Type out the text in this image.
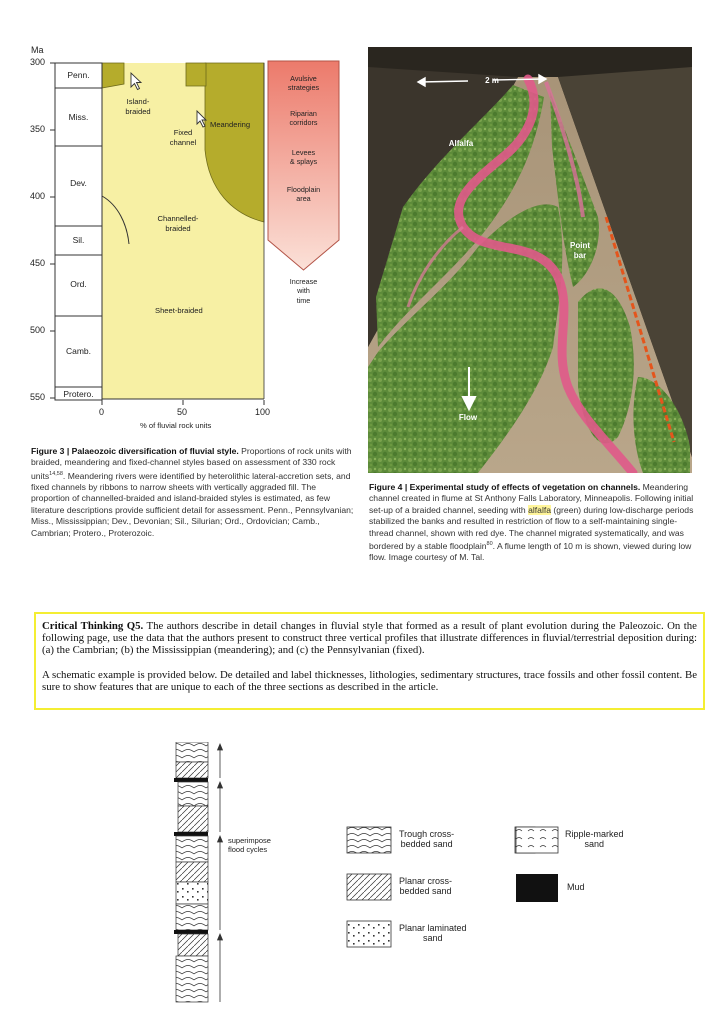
Ma
300
350
400
450
500
550
0	50	100
% of fluvial rock units
Penn.
Miss.
Dev.
Sil.
Ord.
Camb.
Protero.
Island-
braided
Fixed
channel
Meandering
Channelled-
braided
Sheet-braided
Avulsive
strategies
Riparian
corridors
Levees
& splays
Floodplain
area
Increase
with
time
Figure 3 | Palaeozoic diversification of fluvial style. Proportions of rock units with braided, meandering and fixed-channel styles based on assessment of 330 rock units$^{14,58}$. Meandering rivers were identified by heterolithic lateral-accretion sets, and fixed channels by ribbons to narrow sheets with vertically aggraded fill. The proportion of channelled-braided and island-braided styles is estimated, as few literature descriptions provide sufficient detail for assessment. Penn., Pennsylvanian; Miss., Mississippian; Dev., Devonian; Sil., Silurian; Ord., Ordovician; Camb., Cambrian; Protero., Proterozoic.
2 m
Alfalfa
Point
bar
Flow
Figure 4 | Experimental study of effects of vegetation on channels. Meandering channel created in flume at St Anthony Falls Laboratory, Minneapolis. Following initial set-up of a braided channel, seeding with alfalfa (green) during low-discharge periods stabilized the banks and resulted in restriction of flow to a self-maintaining single-thread channel, shown with red dye. The channel migrated systematically, and was bordered by a stable floodplain$^{80}$. A flume length of 10 m is shown, viewed during low flow. Image courtesy of M. Tal.
Critical Thinking Q5. The authors describe in detail changes in fluvial style that formed as a result of plant evolution during the Paleozoic. On the following page, use the data that the authors present to construct three vertical profiles that illustrate differences in fluvial/terrestrial deposition during: (a) the Cambrian; (b) the Mississippian (meandering); and (c) the Pennsylvanian (fixed).
A schematic example is provided below. De detailed and label thicknesses, lithologies, sedimentary structures, trace fossils and other fossil content. Be sure to show features that are unique to each of the three sections as described in the article.
superimpose
flood cycles
Trough cross-
bedded sand
Planar cross-
bedded sand
Planar laminated
sand
Ripple-marked
sand
Mud
